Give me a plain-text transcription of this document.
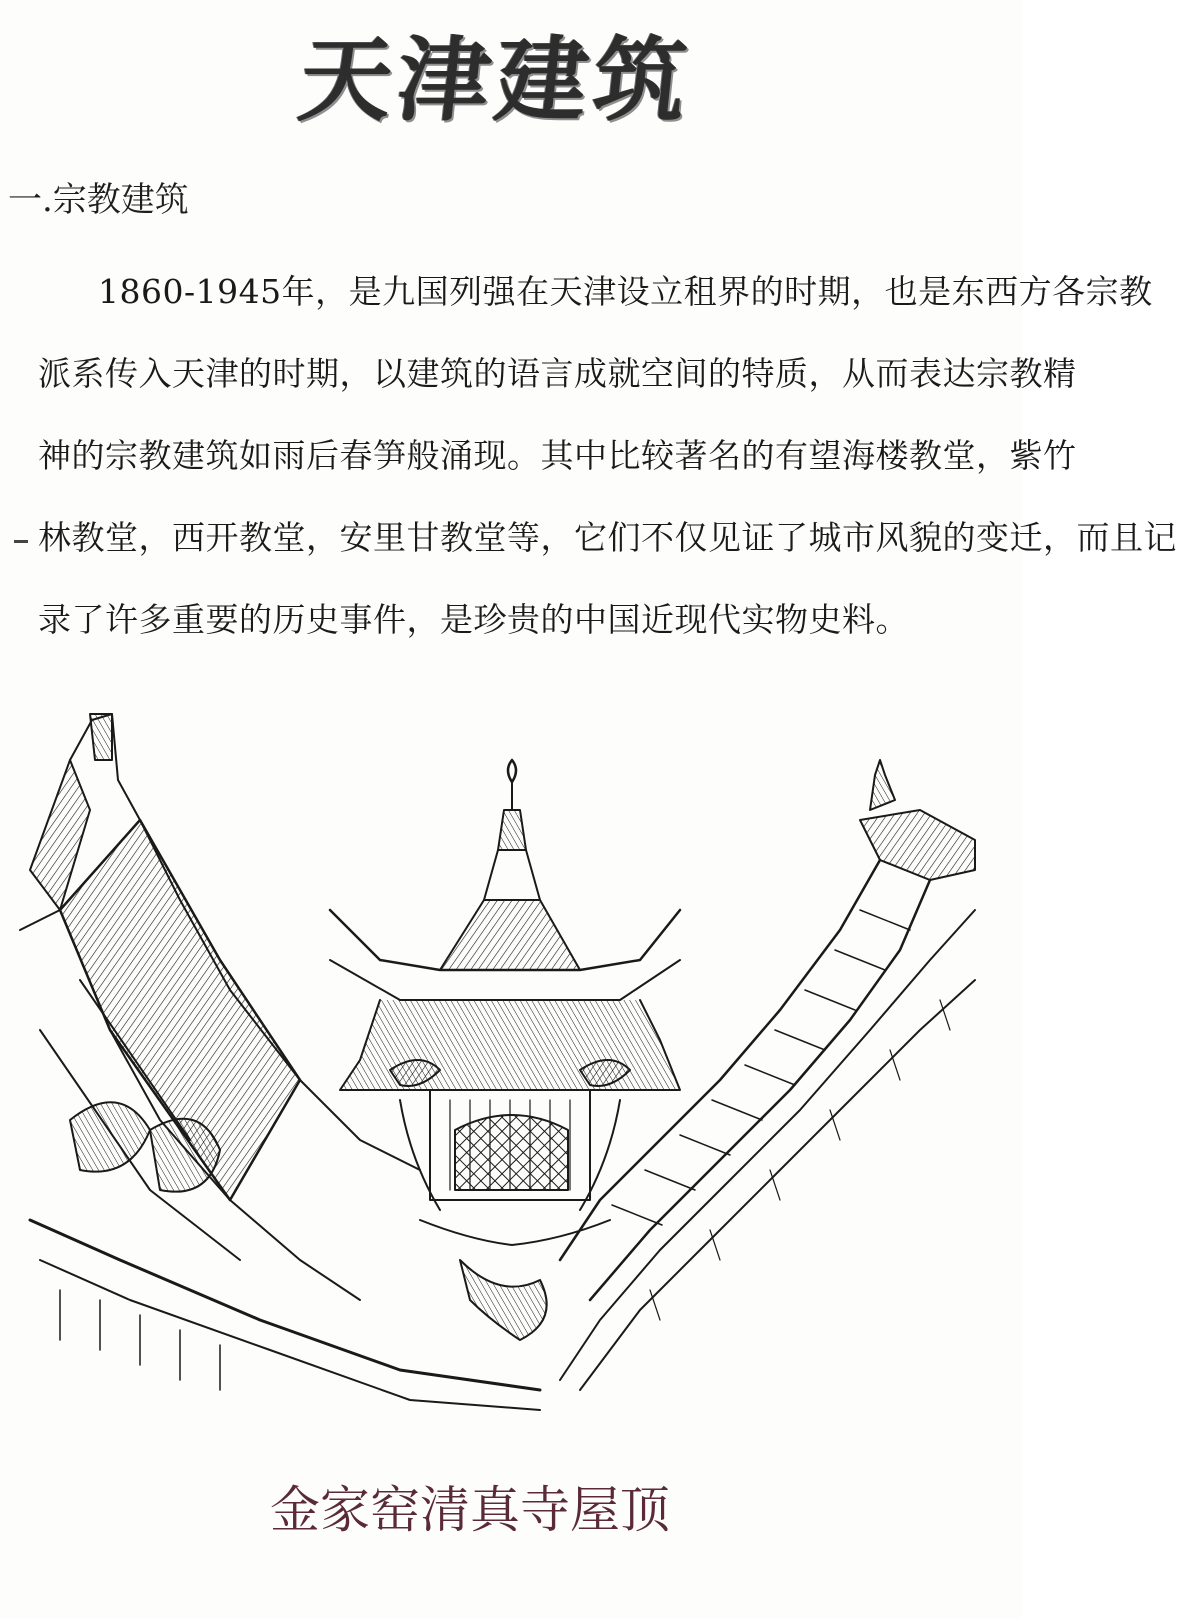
天津建筑
一.宗教建筑
1860-1945年，是九国列强在天津设立租界的时期，也是东西方各宗教
派系传入天津的时期，以建筑的语言成就空间的特质，从而表达宗教精
神的宗教建筑如雨后春笋般涌现。其中比较著名的有望海楼教堂，紫竹
林教堂，西开教堂，安里甘教堂等，它们不仅见证了城市风貌的变迁，而且记
录了许多重要的历史事件，是珍贵的中国近现代实物史料。
金家窑清真寺屋顶
